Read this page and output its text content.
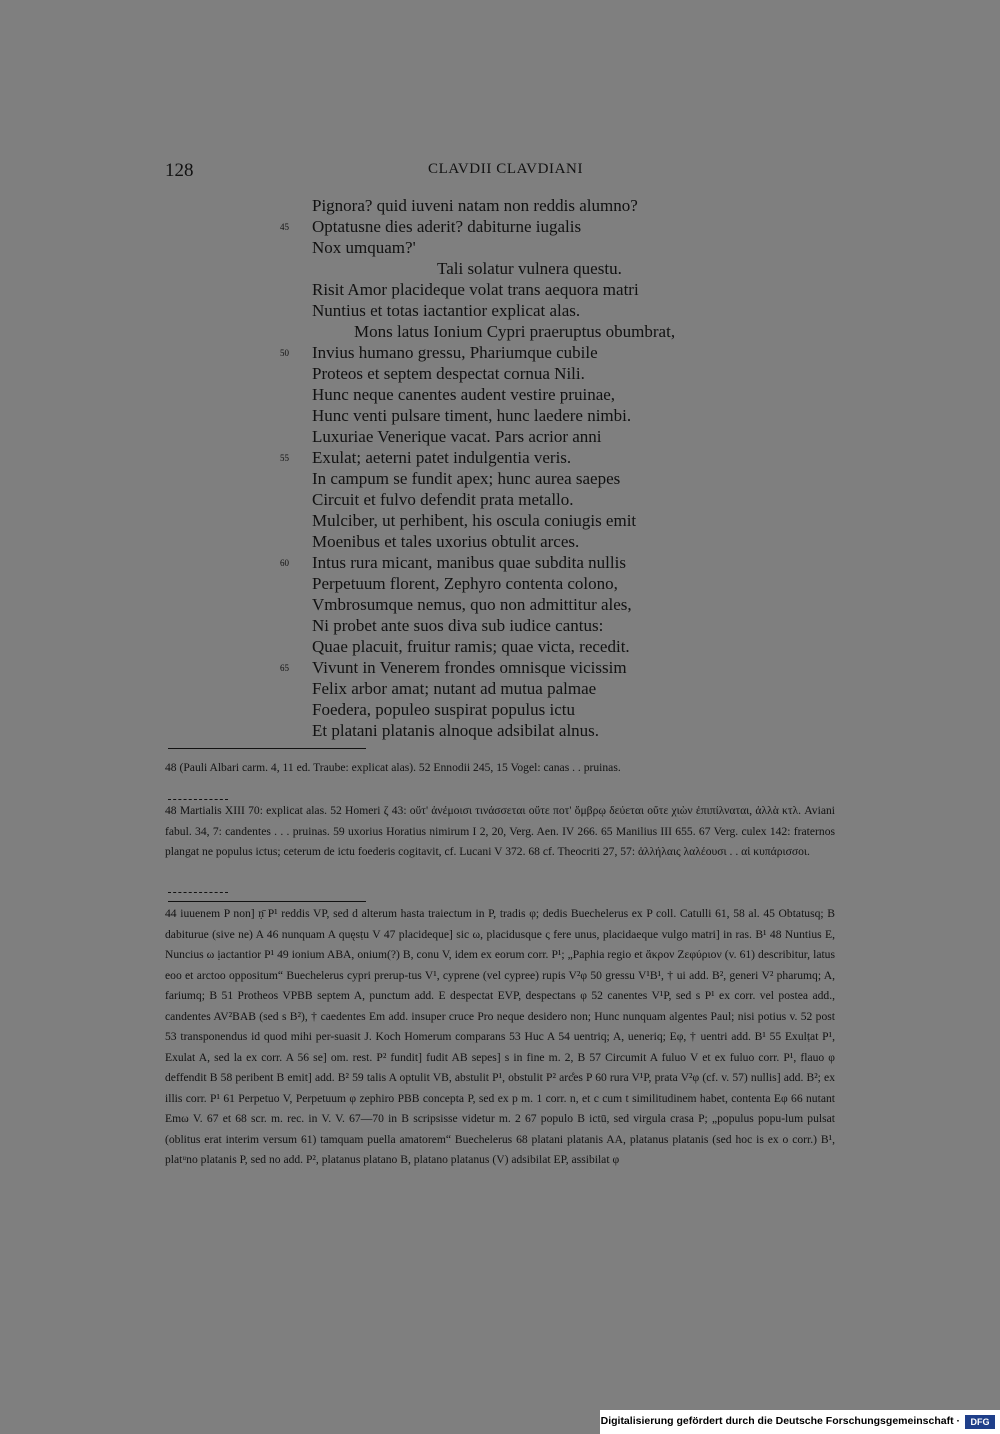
128	CLAVDII CLAVDIANI
Pignora? quid iuveni natam non reddis alumno?
45 Optatusne dies aderit? dabiturne iugalis
Nox umquam?'
Tali solatur vulnera questu.
Risit Amor placideque volat trans aequora matri
Nuntius et totas iactantior explicat alas.
Mons latus Ionium Cypri praeruptus obumbrat,
50 Invius humano gressu, Phariumque cubile
Proteos et septem despectat cornua Nili.
Hunc neque canentes audent vestire pruinae,
Hunc venti pulsare timent, hunc laedere nimbi.
Luxuriae Venerique vacat. Pars acrior anni
55 Exulat; aeterni patet indulgentia veris.
In campum se fundit apex; hunc aurea saepes
Circuit et fulvo defendit prata metallo.
Mulciber, ut perhibent, his oscula coniugis emit
Moenibus et tales uxorius obtulit arces.
60 Intus rura micant, manibus quae subdita nullis
Perpetuum florent, Zephyro contenta colono,
Vmbrosumque nemus, quo non admittitur ales,
Ni probet ante suos diva sub iudice cantus:
Quae placuit, fruitur ramis; quae victa, recedit.
65 Vivunt in Venerem frondes omnisque vicissim
Felix arbor amat; nutant ad mutua palmae
Foedera, populeo suspirat populus ictu
Et platani platanis alnoque adsibilat alnus.

48 (Pauli Albari carm. 4, 11 ed. Traube: explicat alas). 52 Ennodii 245, 15 Vogel: canas . . pruinas.

48 Martialis XIII 70: explicat alas. 52 Homeri ζ 43: οὔτ' ἀνέμοισι τινάσσεται οὔτε ποτ' ὄμβρῳ δεύεται οὔτε χιὼν ἐπιπίλναται, ἀλλὰ κτλ. Aviani fabul. 34, 7: candentes . . . pruinas. 59 uxorius Horatius nimirum I 2, 20, Verg. Aen. IV 266. 65 Manilius III 655. 67 Verg. culex 142: fraternos plangat ne populus ictus; ceterum de ictu foederis cogitavit, cf. Lucani V 372. 68 cf. Theocriti 27, 57: ἀλλήλαις λαλέουσι . . αἱ κυπάρισσοι.

44 iuuenem P non] ṇ̄ P¹ reddis VP, sed d alterum hasta traiectum in P, tradis φ; dedis Buechelerus ex P coll. Catulli 61, 58 al. 45 Obtatusq; B dabiturue (sive ne) A 46 nunquam A quęsṭu V 47 placideque] sic ω, placidusque ς fere unus, placidaeque vulgo matri] in ras. B¹ 48 Nuntius E, Nuncius ω ịactantior P¹ 49 ionium ABA, onium(?) B, conu V, idem ex eorum corr. P¹; „Paphia regio et ἄκρον Ζεφύριον (v. 61) describitur, latus eoo et arctoo oppositum“ Buechelerus cypri prerup-tus V¹, cyprene (vel cypree) rupis V²φ 50 gressu V¹B¹, † ui add. B², generi V² pharumq; A, fariumq; B 51 Protheos VPBB septem A, punctum add. E despectat EVP, despectans φ 52 canentes V¹P, sed s P¹ ex corr. vel postea add., candentes AV²BAB (sed s B²), † caedentes Em add. insuper cruce Pro neque desidero non; Hunc nunquam algentes Paul; nisi potius v. 52 post 53 transponendus id quod mihi per-suasit J. Koch Homerum comparans 53 Huc A 54 uentriq; A, ueneriq; Eφ, † uentri add. B¹ 55 Exulṭat P¹, Exulat A, sed la ex corr. A 56 se] om. rest. P² fundit] fudit AB sepes] s in fine m. 2, B 57 Circumit A fuluo V et ex fuluo corr. P¹, flauo φ deffendit B 58 peribent B emit] add. B² 59 talis A optulit VB, abstulit P¹, obstulit P² arc̊es P 60 rura V¹P, prata V²φ (cf. v. 57) nullis] add. B²; ex illis corr. P¹ 61 Perpetuo V, Perpetuum φ zephiro PBB concepta P, sed ex p m. 1 corr. n, et c cum t similitudinem habet, contenta Eφ 66 nutant Emω V. 67 et 68 scr. m. rec. in V. V. 67—70 in B scripsisse videtur m. 2 67 populo B ictū, sed virgula crasa P; „populus popu-lum pulsat (oblitus erat interim versum 61) tamquam puella amatorem“ Buechelerus 68 platani platanis AA, platanus platanis (sed hoc is ex o corr.) B¹, platᵘno platanis P, sed no add. P², platanus platano B, platano platanus (V) adsibilat EP, assibilat φ

Digitalisierung gefördert durch die Deutsche Forschungsgemeinschaft ·	DFG
